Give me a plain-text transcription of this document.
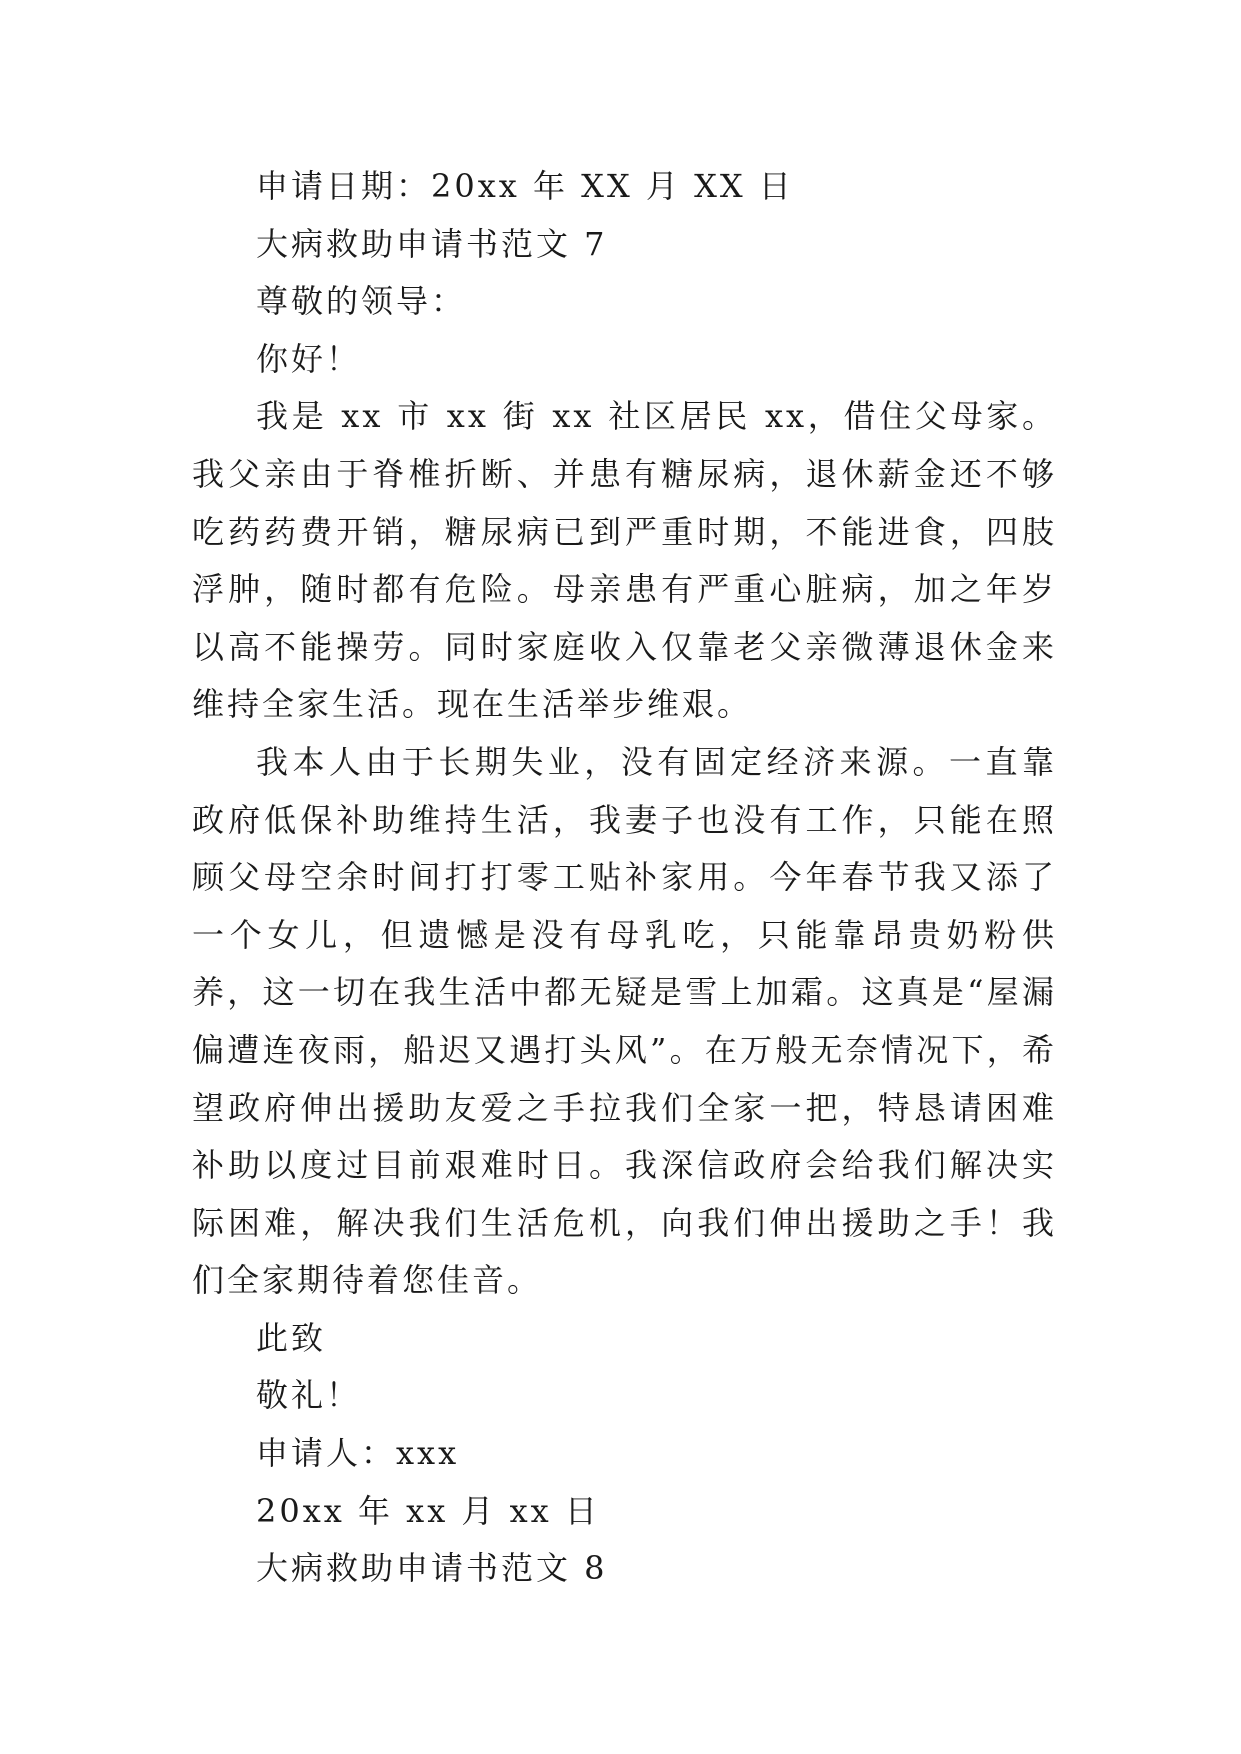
申请日期：20xx 年 XX 月 XX 日
大病救助申请书范文 7
尊敬的领导：
你好！
我是 xx 市 xx 街 xx 社区居民 xx，借住父母家。我父亲由于脊椎折断、并患有糖尿病，退休薪金还不够吃药药费开销，糖尿病已到严重时期，不能进食，四肢浮肿，随时都有危险。母亲患有严重心脏病，加之年岁以高不能操劳。同时家庭收入仅靠老父亲微薄退休金来维持全家生活。现在生活举步维艰。
我本人由于长期失业，没有固定经济来源。一直靠政府低保补助维持生活，我妻子也没有工作，只能在照顾父母空余时间打打零工贴补家用。今年春节我又添了一个女儿，但遗憾是没有母乳吃，只能靠昂贵奶粉供养，这一切在我生活中都无疑是雪上加霜。这真是“屋漏偏遭连夜雨，船迟又遇打头风”。在万般无奈情况下，希望政府伸出援助友爱之手拉我们全家一把，特恳请困难补助以度过目前艰难时日。我深信政府会给我们解决实际困难，解决我们生活危机，向我们伸出援助之手！我们全家期待着您佳音。
此致
敬礼！
申请人：xxx
20xx 年 xx 月 xx 日
大病救助申请书范文 8
